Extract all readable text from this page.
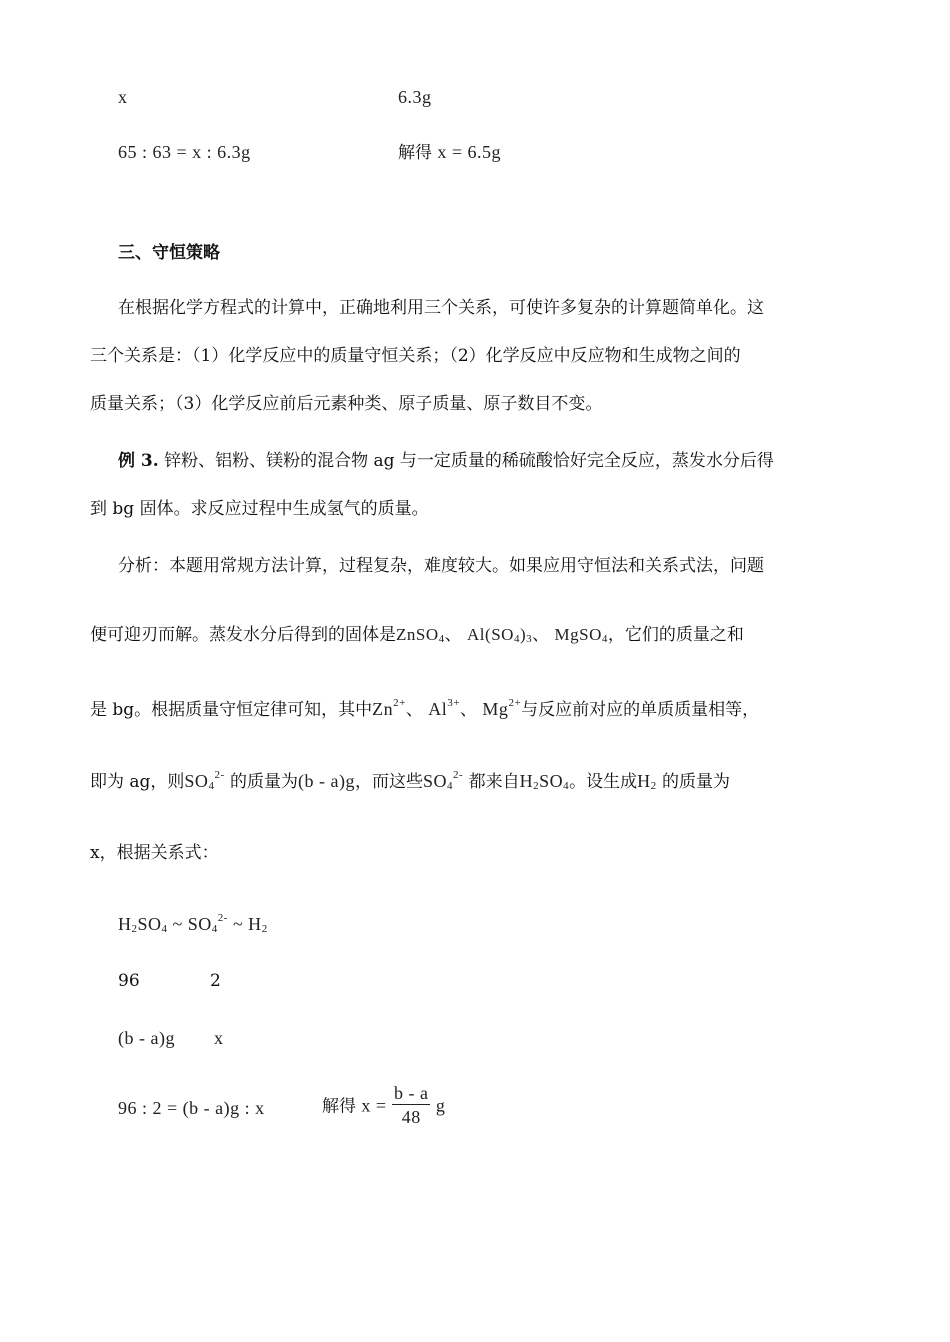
x	6.3g
65 : 63 = x : 6.3g	解得 x = 6.5g
三、守恒策略
在根据化学方程式的计算中，正确地利用三个关系，可使许多复杂的计算题简单化。这
三个关系是：（1）化学反应中的质量守恒关系；（2）化学反应中反应物和生成物之间的
质量关系；（3）化学反应前后元素种类、原子质量、原子数目不变。
例 3. 锌粉、铝粉、镁粉的混合物 ag 与一定质量的稀硫酸恰好完全反应，蒸发水分后得
到 bg 固体。求反应过程中生成氢气的质量。
分析：本题用常规方法计算，过程复杂，难度较大。如果应用守恒法和关系式法，问题
便可迎刃而解。蒸发水分后得到的固体是ZnSO$_4$、 $Al(SO_4)_3$、 MgSO$_4$，它们的质量之和
是 bg。根据质量守恒定律可知，其中$Zn^{2+}$、 $Al^{3+}$、 $Mg^{2+}$与反应前对应的单质质量相等，
即为 ag，则$SO_4^{2-}$ 的质量为(b - a)g，而这些$SO_4^{2-}$ 都来自$H_2SO_4$。设生成$H_2$ 的质量为
x，根据关系式：
$H_2SO_4$ ~ $SO_4^{2-}$ ~ $H_2$
96	2
(b - a)g x
96 : 2 = (b - a)g : x	解得 $x = \frac{b - a}{48}$ g
